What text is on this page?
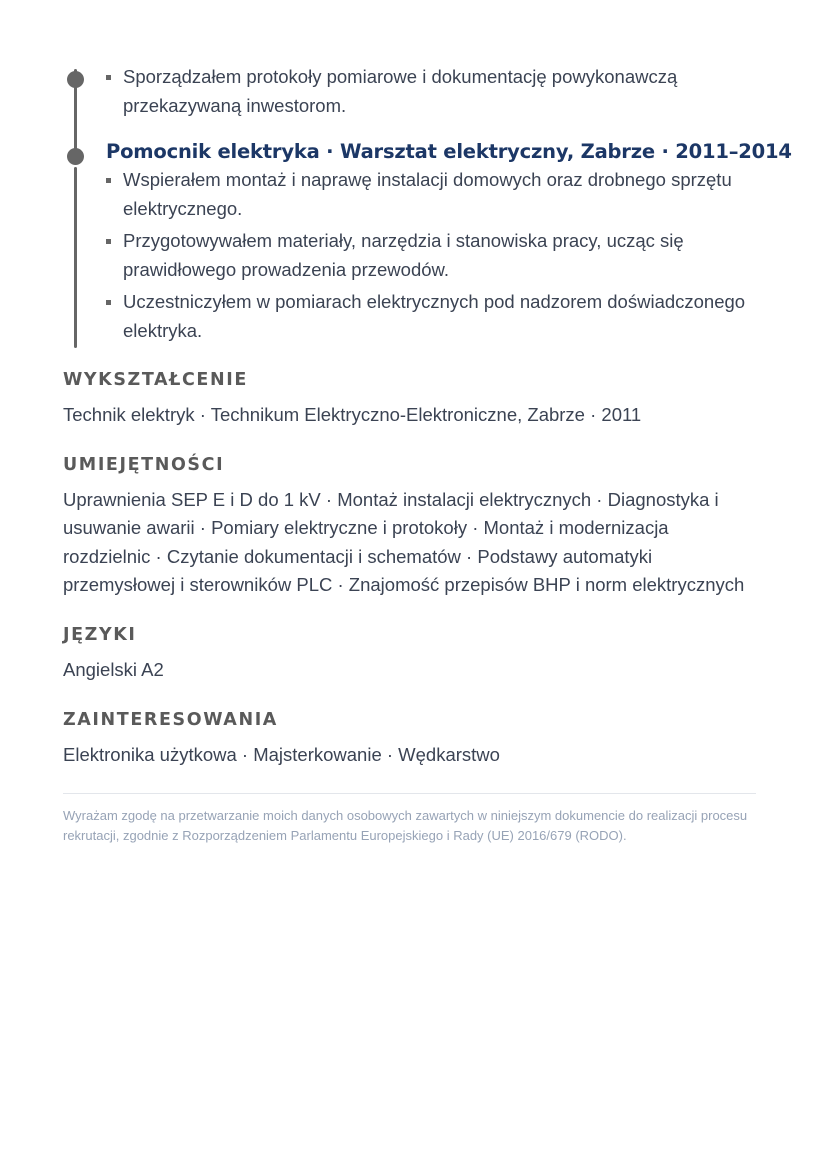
Sporządzałem protokoły pomiarowe i dokumentację powykonawczą przekazywaną inwestorom.
Pomocnik elektryka · Warsztat elektryczny, Zabrze · 2011–2014
Wspierałem montaż i naprawę instalacji domowych oraz drobnego sprzętu elektrycznego.
Przygotowywałem materiały, narzędzia i stanowiska pracy, ucząc się prawidłowego prowadzenia przewodów.
Uczestniczyłem w pomiarach elektrycznych pod nadzorem doświadczonego elektryka.
WYKSZTAŁCENIE

Technik elektryk · Technikum Elektryczno-Elektroniczne, Zabrze · 2011

UMIEJĘTNOŚCI

Uprawnienia SEP E i D do 1 kV · Montaż instalacji elektrycznych · Diagnostyka i usuwanie awarii · Pomiary elektryczne i protokoły · Montaż i modernizacja rozdzielnic · Czytanie dokumentacji i schematów · Podstawy automatyki przemysłowej i sterowników PLC · Znajomość przepisów BHP i norm elektrycznych

JĘZYKI

Angielski A2

ZAINTERESOWANIA

Elektronika użytkowa · Majsterkowanie · Wędkarstwo

Wyrażam zgodę na przetwarzanie moich danych osobowych zawartych w niniejszym dokumencie do realizacji procesu rekrutacji, zgodnie z Rozporządzeniem Parlamentu Europejskiego i Rady (UE) 2016/679 (RODO).
